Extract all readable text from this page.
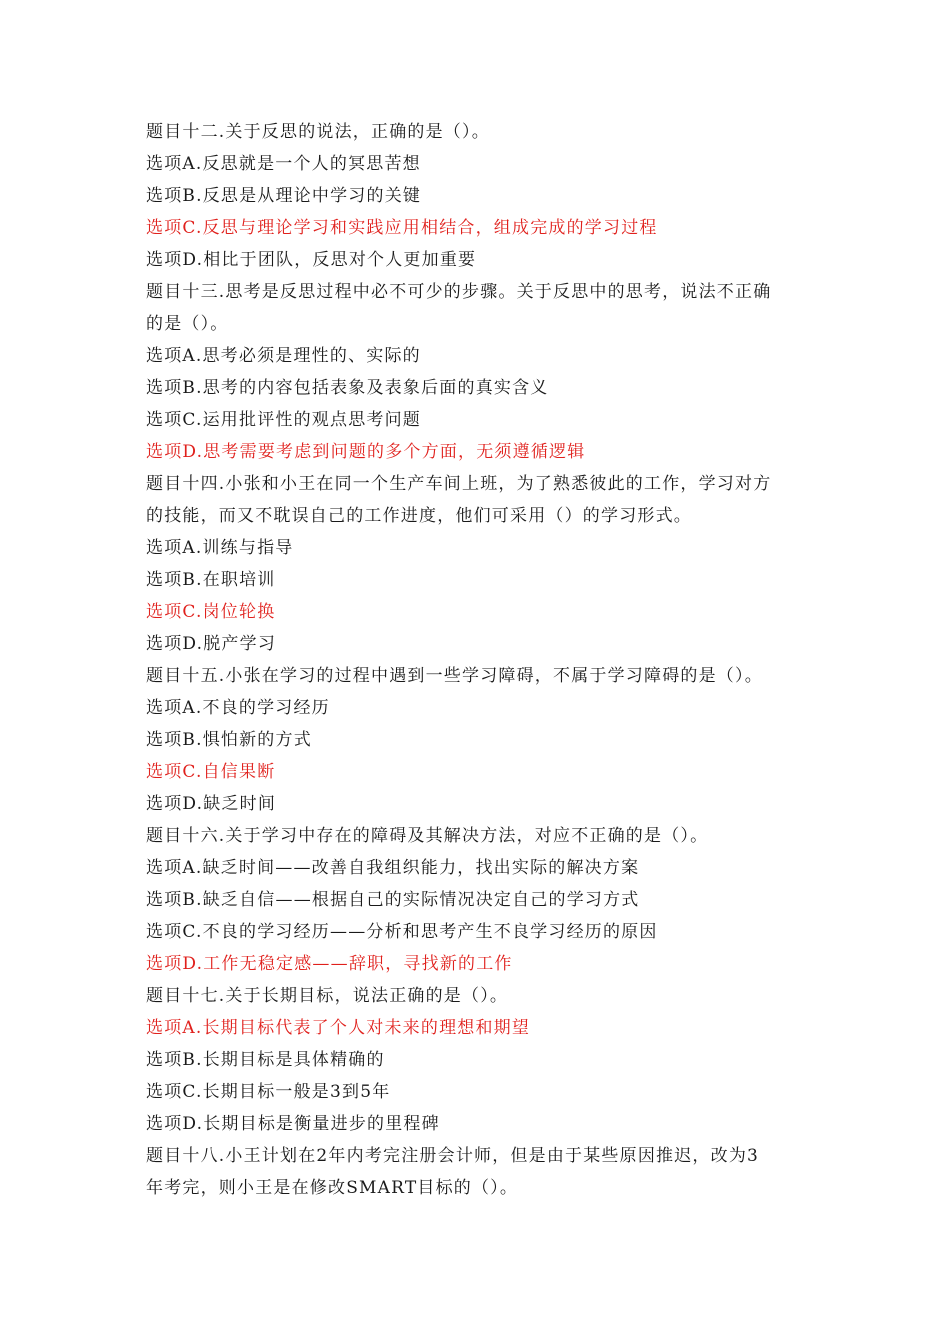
题目十二.关于反思的说法，正确的是（）。

选项A.反思就是一个人的冥思苦想

选项B.反思是从理论中学习的关键

选项C.反思与理论学习和实践应用相结合，组成完成的学习过程

选项D.相比于团队，反思对个人更加重要

题目十三.思考是反思过程中必不可少的步骤。关于反思中的思考，说法不正确

的是（）。

选项A.思考必须是理性的、实际的

选项B.思考的内容包括表象及表象后面的真实含义

选项C.运用批评性的观点思考问题

选项D.思考需要考虑到问题的多个方面，无须遵循逻辑

题目十四.小张和小王在同一个生产车间上班，为了熟悉彼此的工作，学习对方

的技能，而又不耽误自己的工作进度，他们可采用（）的学习形式。

选项A.训练与指导

选项B.在职培训

选项C.岗位轮换

选项D.脱产学习

题目十五.小张在学习的过程中遇到一些学习障碍，不属于学习障碍的是（）。

选项A.不良的学习经历

选项B.惧怕新的方式

选项C.自信果断

选项D.缺乏时间

题目十六.关于学习中存在的障碍及其解决方法，对应不正确的是（）。

选项A.缺乏时间——改善自我组织能力，找出实际的解决方案

选项B.缺乏自信——根据自己的实际情况决定自己的学习方式

选项C.不良的学习经历——分析和思考产生不良学习经历的原因

选项D.工作无稳定感——辞职，寻找新的工作

题目十七.关于长期目标，说法正确的是（）。

选项A.长期目标代表了个人对未来的理想和期望

选项B.长期目标是具体精确的

选项C.长期目标一般是3到5年

选项D.长期目标是衡量进步的里程碑

题目十八.小王计划在2年内考完注册会计师，但是由于某些原因推迟，改为3

年考完，则小王是在修改SMART目标的（）。
